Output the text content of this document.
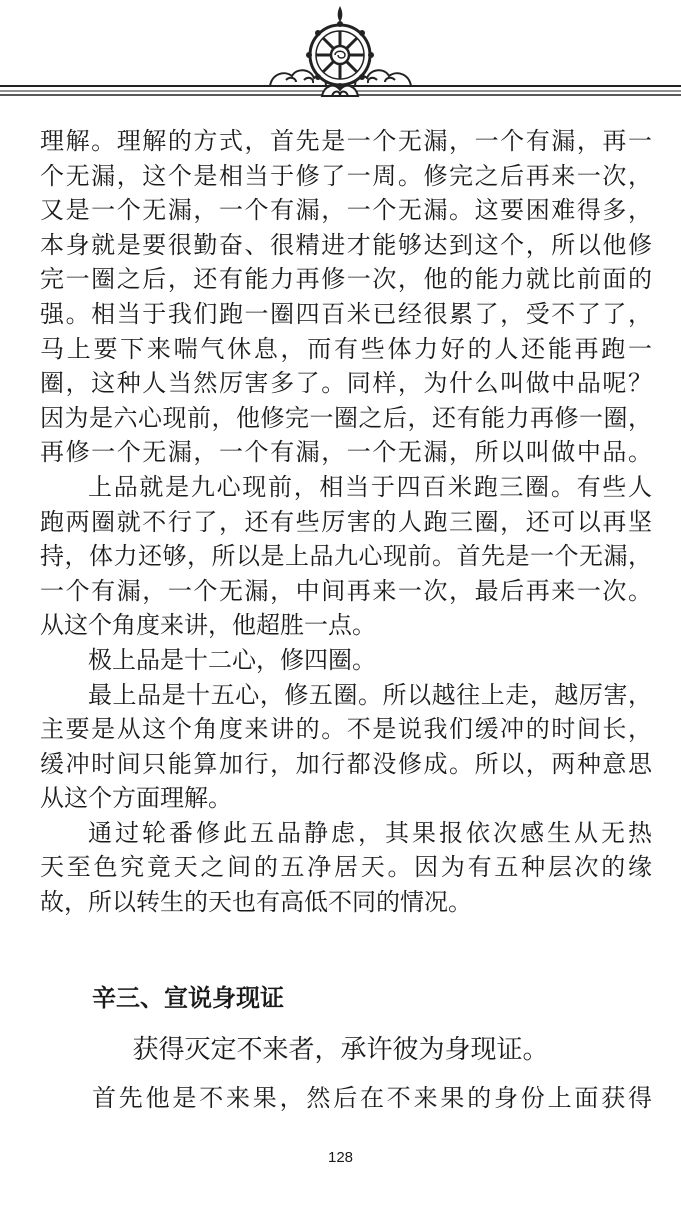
理解。理解的方式，首先是一个无漏，一个有漏，再一
个无漏，这个是相当于修了一周。修完之后再来一次，
又是一个无漏，一个有漏，一个无漏。这要困难得多，
本身就是要很勤奋、很精进才能够达到这个，所以他修
完一圈之后，还有能力再修一次，他的能力就比前面的
强。相当于我们跑一圈四百米已经很累了，受不了了，
马上要下来喘气休息，而有些体力好的人还能再跑一
圈，这种人当然厉害多了。同样，为什么叫做中品呢？
因为是六心现前，他修完一圈之后，还有能力再修一圈，
再修一个无漏，一个有漏，一个无漏，所以叫做中品。
上品就是九心现前，相当于四百米跑三圈。有些人
跑两圈就不行了，还有些厉害的人跑三圈，还可以再坚
持，体力还够，所以是上品九心现前。首先是一个无漏，
一个有漏，一个无漏，中间再来一次，最后再来一次。
从这个角度来讲，他超胜一点。
极上品是十二心，修四圈。
最上品是十五心，修五圈。所以越往上走，越厉害，
主要是从这个角度来讲的。不是说我们缓冲的时间长，
缓冲时间只能算加行，加行都没修成。所以，两种意思
从这个方面理解。
通过轮番修此五品静虑，其果报依次感生从无热
天至色究竟天之间的五净居天。因为有五种层次的缘
故，所以转生的天也有高低不同的情况。
辛三、宣说身现证
获得灭定不来者，承许彼为身现证。
首先他是不来果，然后在不来果的身份上面获得
128
